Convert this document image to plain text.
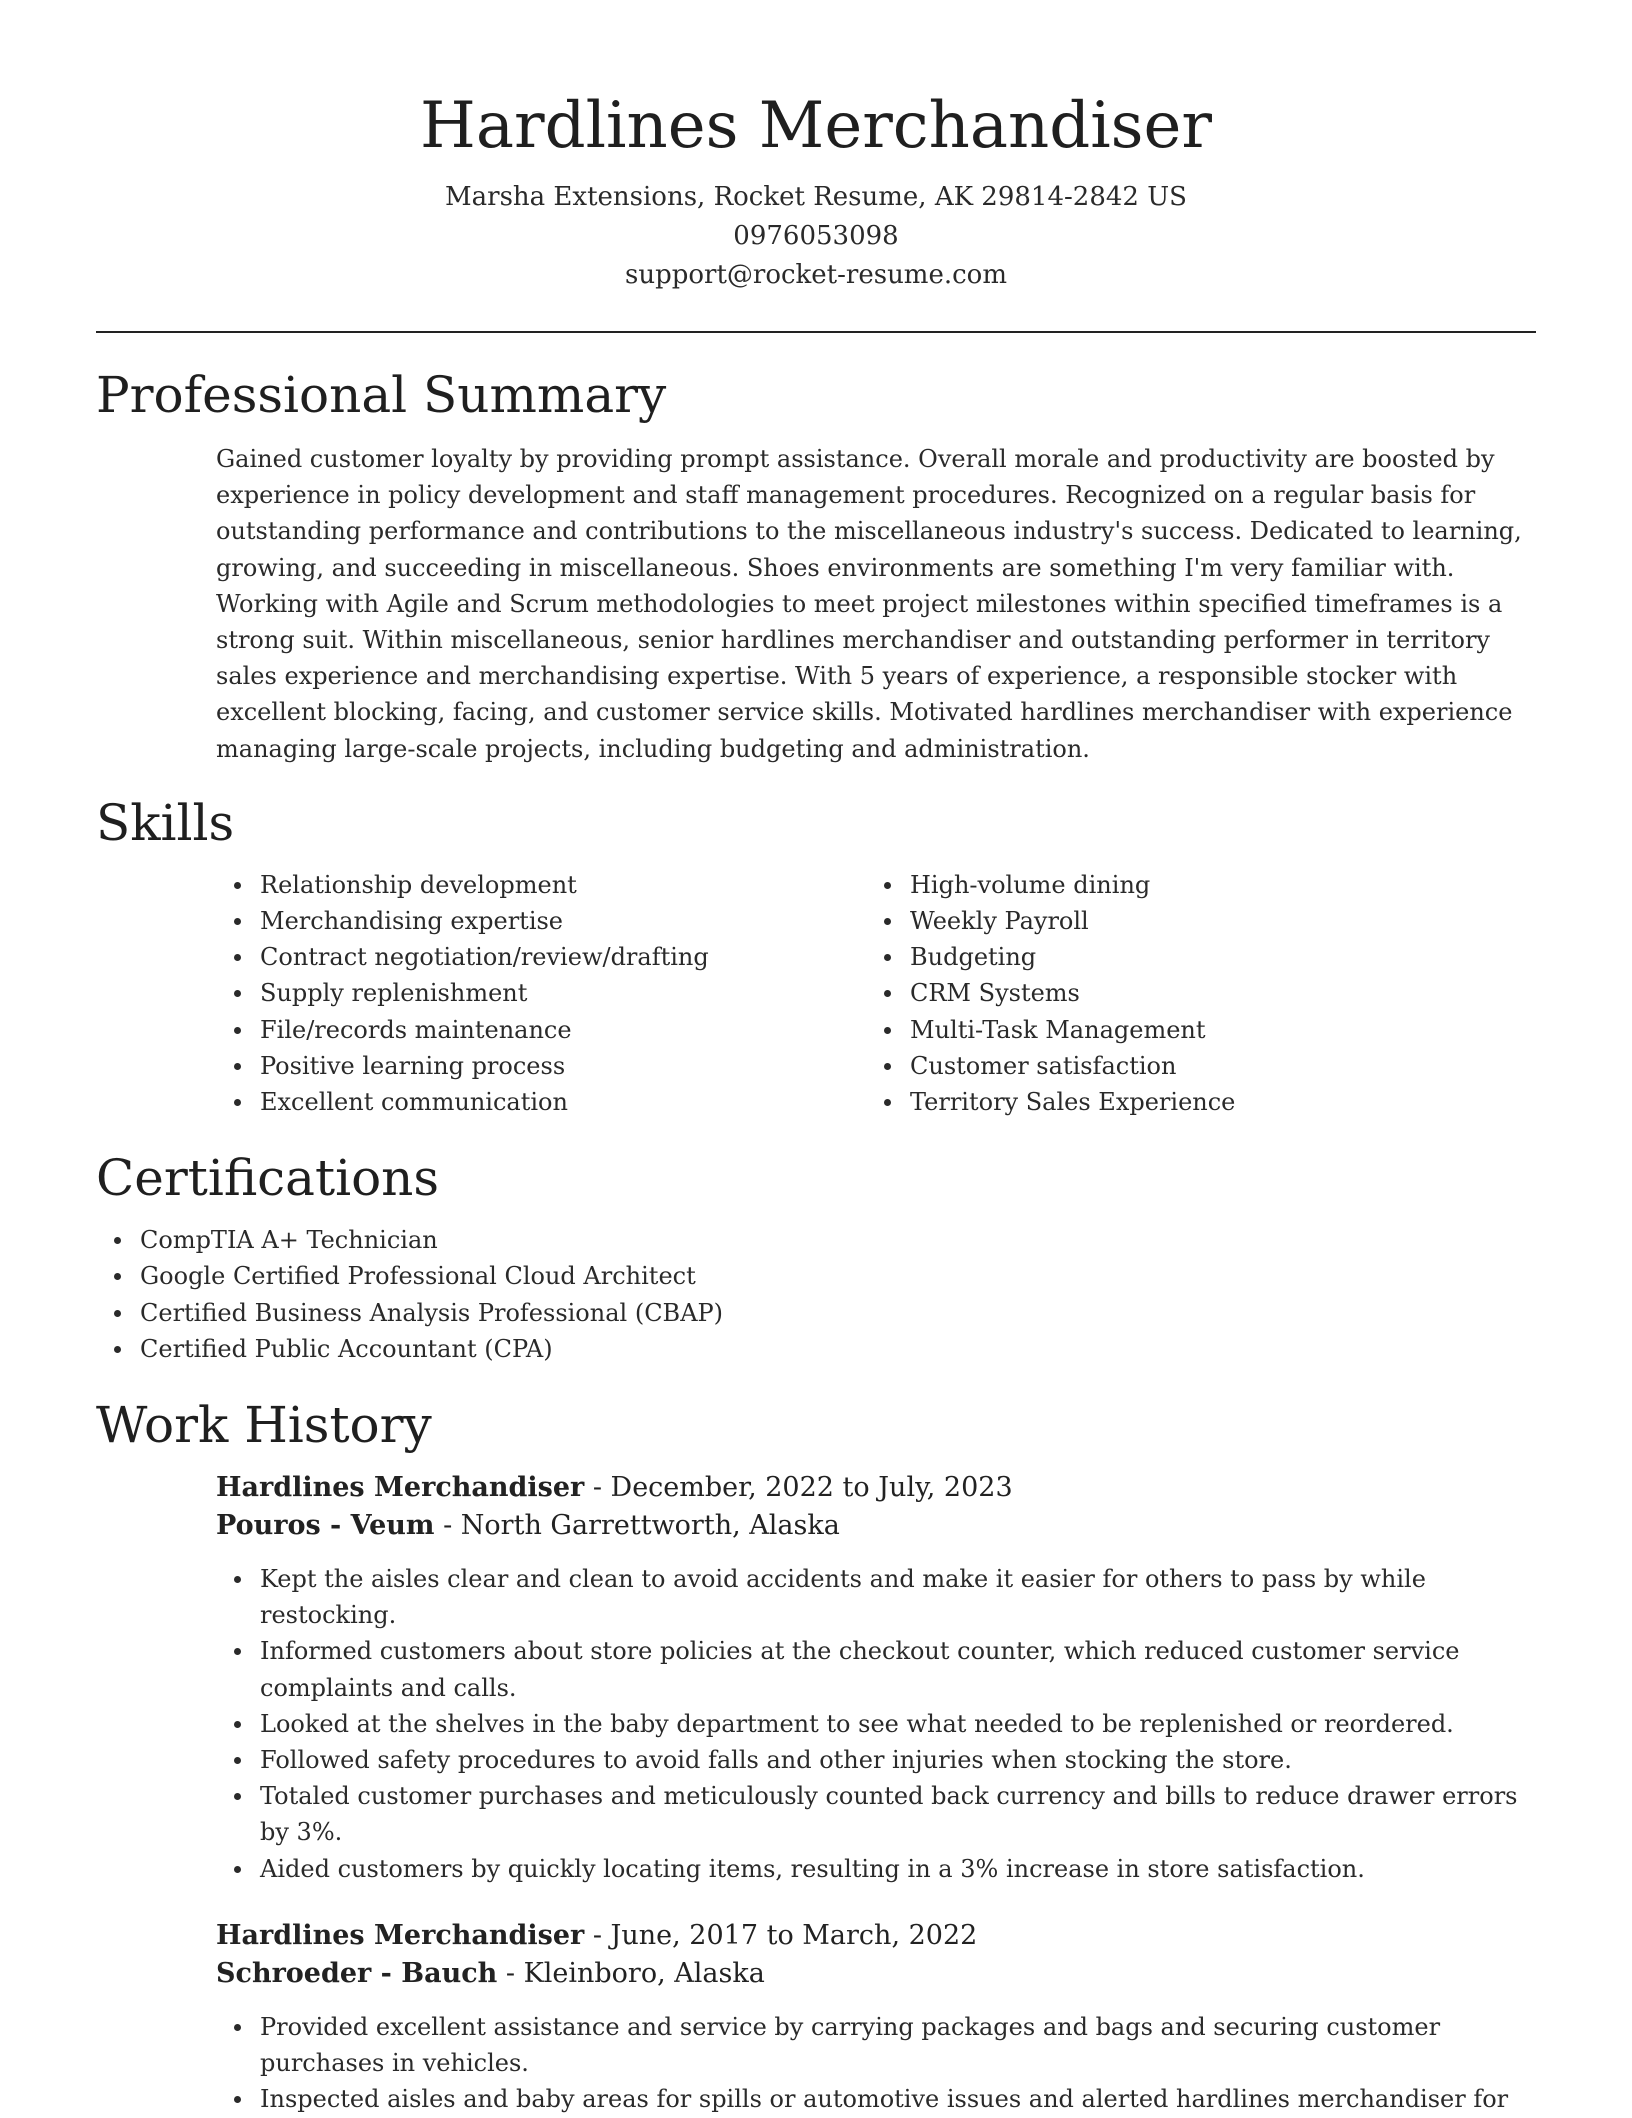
Hardlines Merchandiser
Marsha Extensions, Rocket Resume, AK 29814-2842 US
0976053098
support@rocket-resume.com
Professional Summary
Gained customer loyalty by providing prompt assistance. Overall morale and productivity are boosted by experience in policy development and staff management procedures. Recognized on a regular basis for outstanding performance and contributions to the miscellaneous industry's success. Dedicated to learning, growing, and succeeding in miscellaneous. Shoes environments are something I'm very familiar with. Working with Agile and Scrum methodologies to meet project milestones within specified timeframes is a strong suit. Within miscellaneous, senior hardlines merchandiser and outstanding performer in territory sales experience and merchandising expertise. With 5 years of experience, a responsible stocker with excellent blocking, facing, and customer service skills. Motivated hardlines merchandiser with experience managing large-scale projects, including budgeting and administration.
Skills
Relationship development
Merchandising expertise
Contract negotiation/review/drafting
Supply replenishment
File/records maintenance
Positive learning process
Excellent communication
High-volume dining
Weekly Payroll
Budgeting
CRM Systems
Multi-Task Management
Customer satisfaction
Territory Sales Experience
Certifications
CompTIA A+ Technician
Google Certified Professional Cloud Architect
Certified Business Analysis Professional (CBAP)
Certified Public Accountant (CPA)
Work History
Hardlines Merchandiser - December, 2022 to July, 2023
Pouros - Veum - North Garrettworth, Alaska
Kept the aisles clear and clean to avoid accidents and make it easier for others to pass by while restocking.
Informed customers about store policies at the checkout counter, which reduced customer service complaints and calls.
Looked at the shelves in the baby department to see what needed to be replenished or reordered.
Followed safety procedures to avoid falls and other injuries when stocking the store.
Totaled customer purchases and meticulously counted back currency and bills to reduce drawer errors by 3%.
Aided customers by quickly locating items, resulting in a 3% increase in store satisfaction.
Hardlines Merchandiser - June, 2017 to March, 2022
Schroeder - Bauch - Kleinboro, Alaska
Provided excellent assistance and service by carrying packages and bags and securing customer purchases in vehicles.
Inspected aisles and baby areas for spills or automotive issues and alerted hardlines merchandiser for
